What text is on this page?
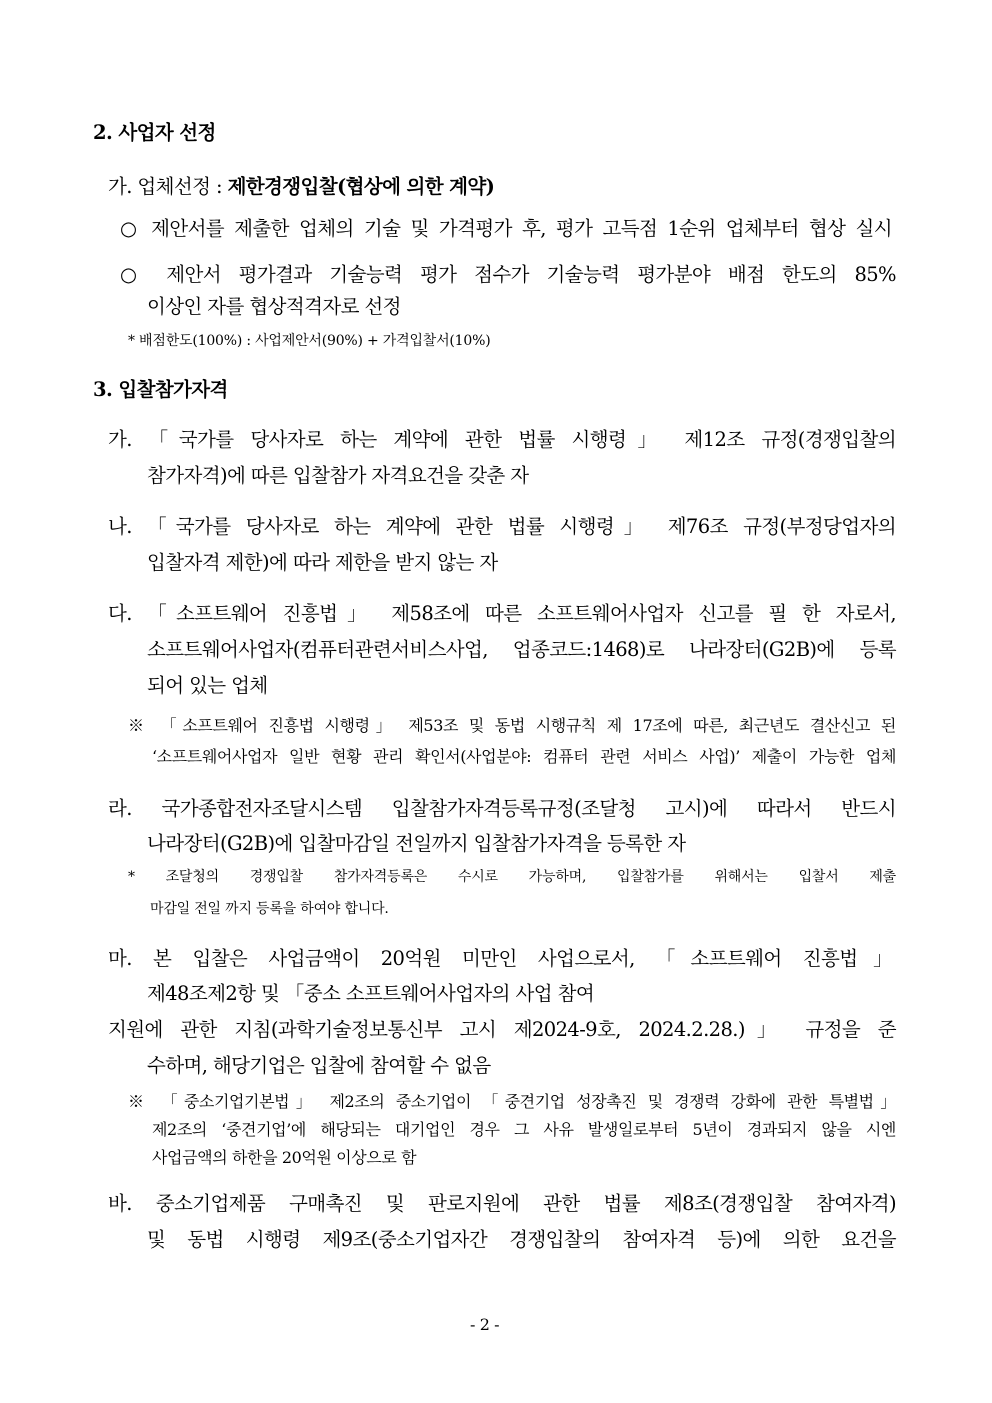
2. 사업자 선정
가. 업체선정 : 제한경쟁입찰(협상에 의한 계약)
○ 제안서를 제출한 업체의 기술 및 가격평가 후, 평가 고득점 1순위 업체부터 협상 실시
○ 제안서 평가결과 기술능력 평가 점수가 기술능력 평가분야 배점 한도의 85%
이상인 자를 협상적격자로 선정
* 배점한도(100%) : 사업제안서(90%) + 가격입찰서(10%)
3. 입찰참가자격
가. 「국가를 당사자로 하는 계약에 관한 법률 시행령」 제12조 규정(경쟁입찰의
참가자격)에 따른 입찰참가 자격요건을 갖춘 자
나. 「국가를 당사자로 하는 계약에 관한 법률 시행령」 제76조 규정(부정당업자의
입찰자격 제한)에 따라 제한을 받지 않는 자
다. 「소프트웨어 진흥법」 제58조에 따른 소프트웨어사업자 신고를 필 한 자로서,
소프트웨어사업자(컴퓨터관련서비스사업, 업종코드:1468)로 나라장터(G2B)에 등록
되어 있는 업체
※ 「소프트웨어 진흥법 시행령」 제53조 및 동법 시행규칙 제 17조에 따른, 최근년도 결산신고 된
‘소프트웨어사업자 일반 현황 관리 확인서(사업분야: 컴퓨터 관련 서비스 사업)’ 제출이 가능한 업체
라. 국가종합전자조달시스템 입찰참가자격등록규정(조달청 고시)에 따라서 반드시
나라장터(G2B)에 입찰마감일 전일까지 입찰참가자격을 등록한 자
* 조달청의 경쟁입찰 참가자격등록은 수시로 가능하며, 입찰참가를 위해서는 입찰서 제출
마감일 전일 까지 등록을 하여야 합니다.
마. 본 입찰은 사업금액이 20억원 미만인 사업으로서, 「소프트웨어 진흥법」
제48조제2항 및 「중소 소프트웨어사업자의 사업 참여
지원에 관한 지침(과학기술정보통신부 고시 제2024-9호, 2024.2.28.)」 규정을 준
수하며, 해당기업은 입찰에 참여할 수 없음
※ 「중소기업기본법」 제2조의 중소기업이 「중견기업 성장촉진 및 경쟁력 강화에 관한 특별법」
제2조의 ‘중견기업’에 해당되는 대기업인 경우 그 사유 발생일로부터 5년이 경과되지 않을 시엔
사업금액의 하한을 20억원 이상으로 함
바. 중소기업제품 구매촉진 및 판로지원에 관한 법률 제8조(경쟁입찰 참여자격)
및 동법 시행령 제9조(중소기업자간 경쟁입찰의 참여자격 등)에 의한 요건을
- 2 -
